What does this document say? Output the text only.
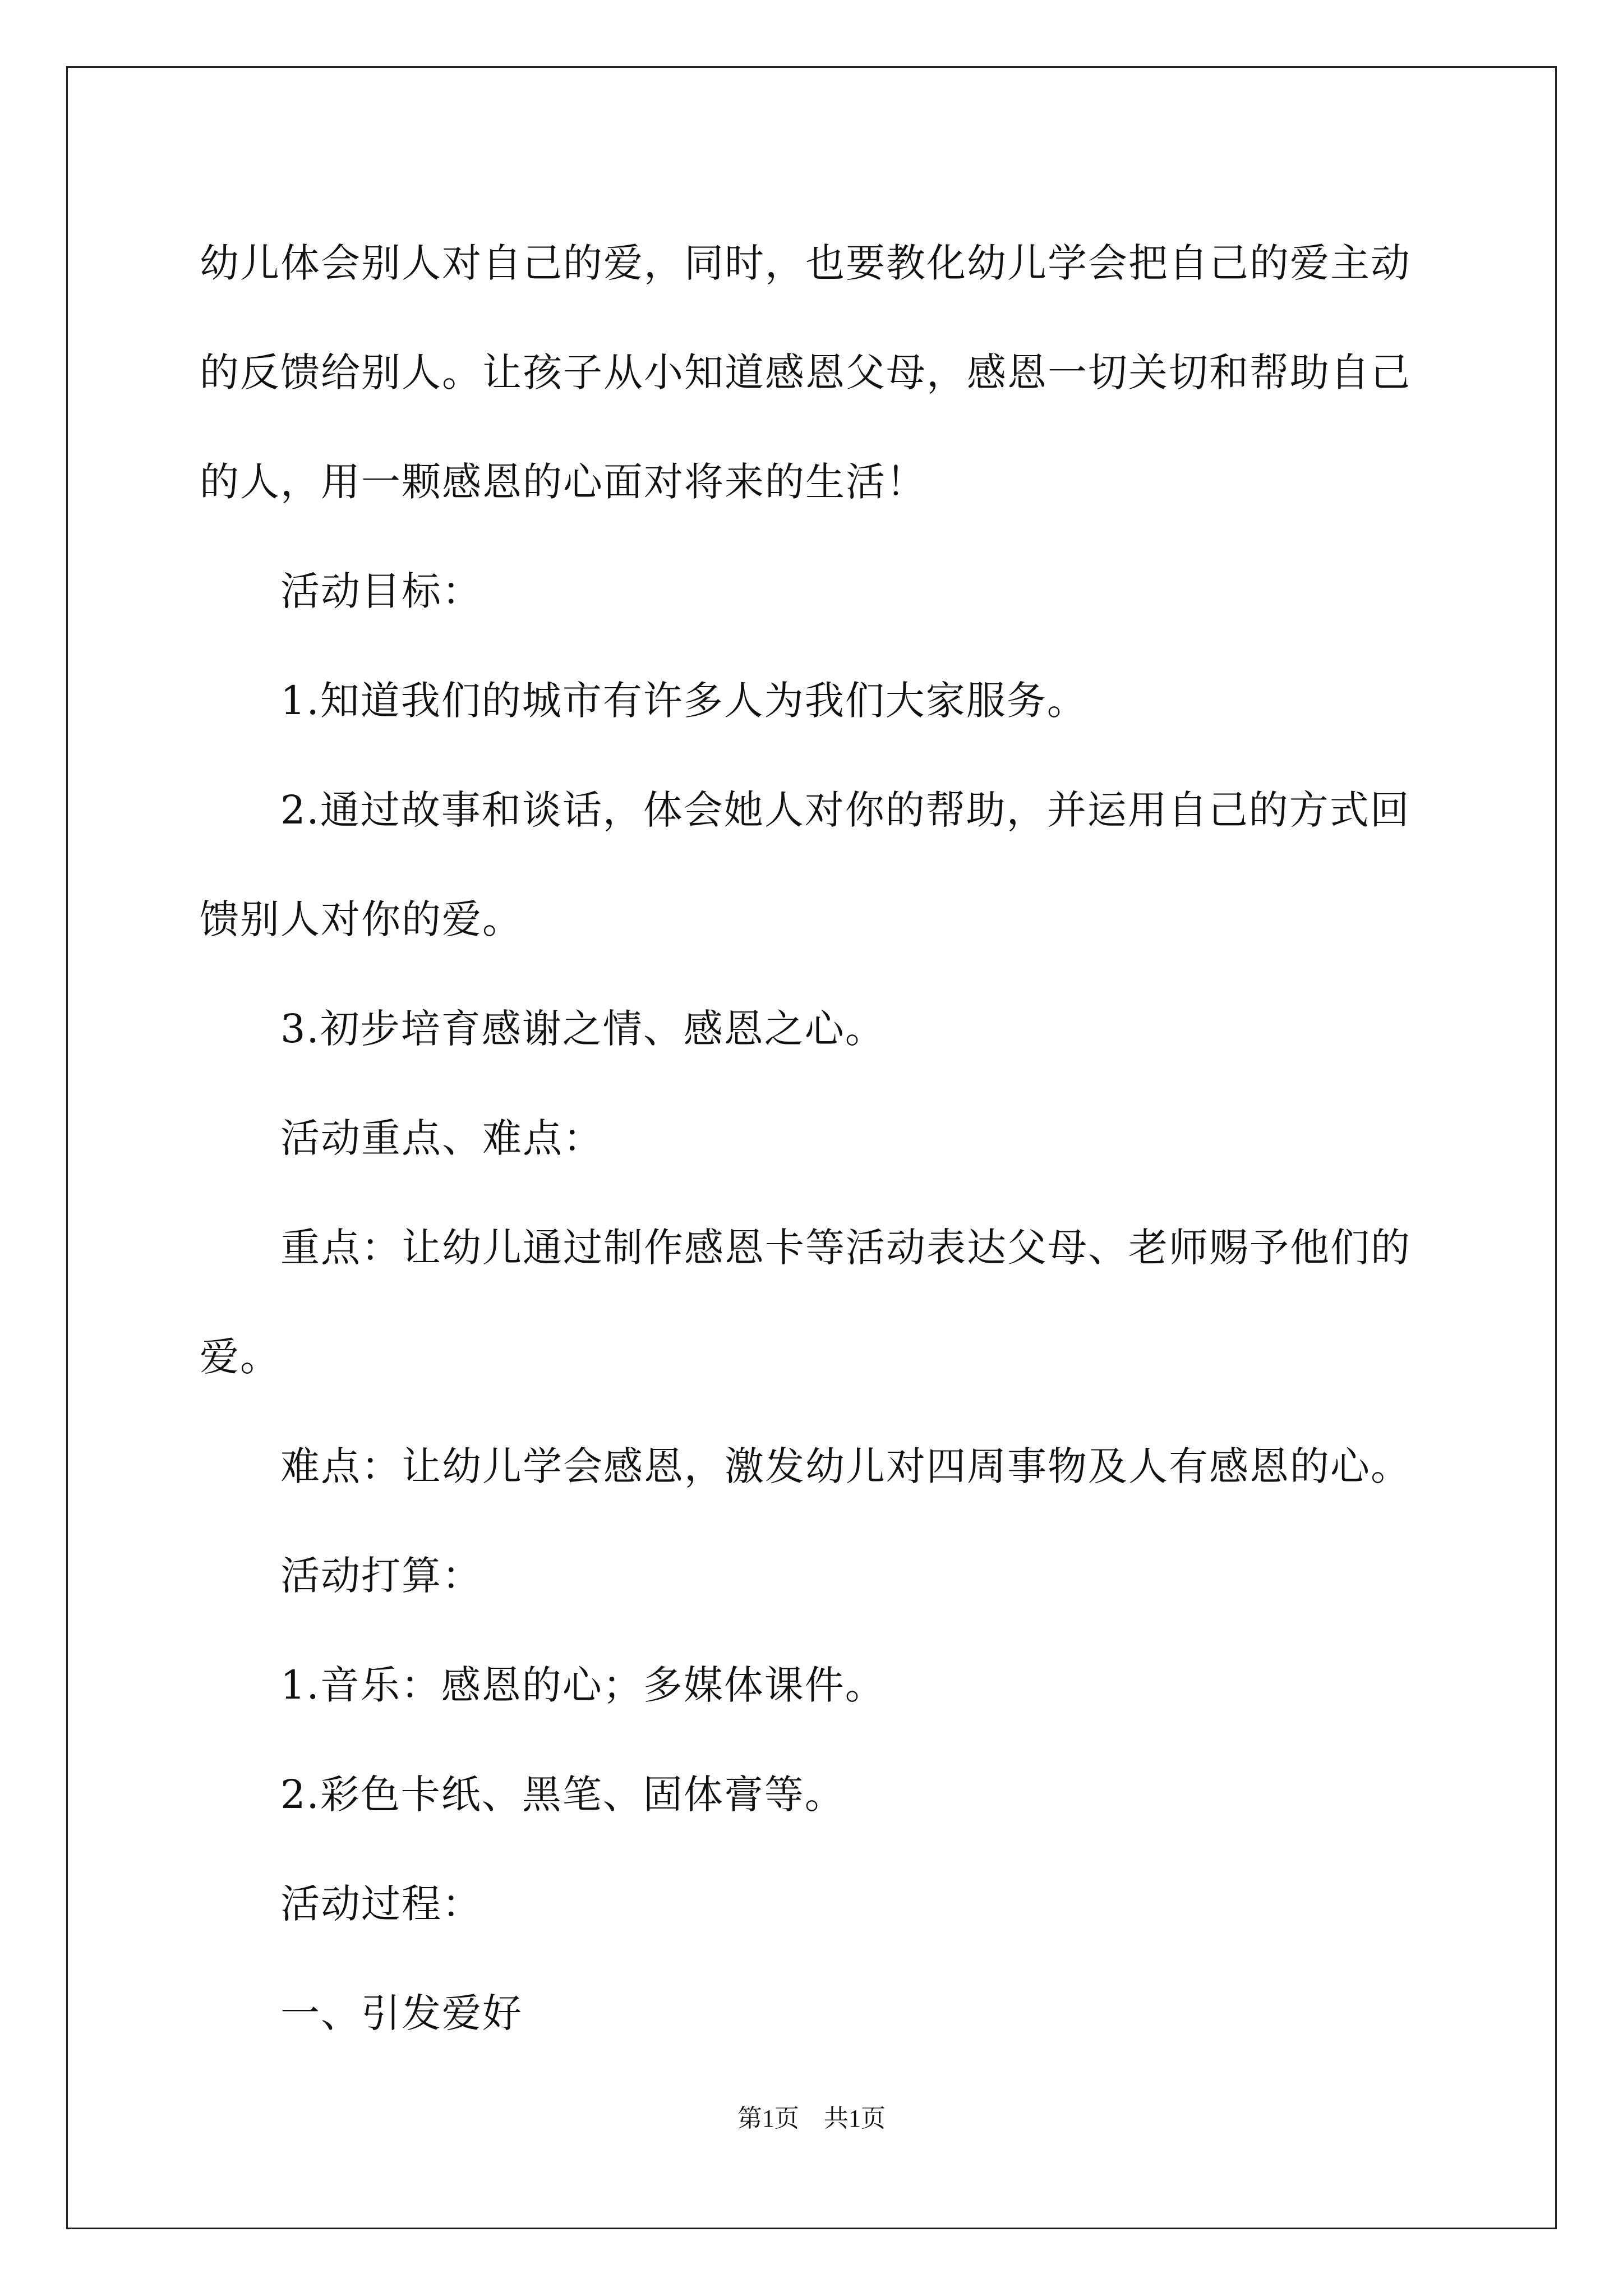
幼儿体会别人对自己的爱，同时，也要教化幼儿学会把自己的爱主动

的反馈给别人。让孩子从小知道感恩父母，感恩一切关切和帮助自己

的人，用一颗感恩的心面对将来的生活！

活动目标：

1.知道我们的城市有许多人为我们大家服务。

2.通过故事和谈话，体会她人对你的帮助，并运用自己的方式回

馈别人对你的爱。

3.初步培育感谢之情、感恩之心。

活动重点、难点：

重点：让幼儿通过制作感恩卡等活动表达父母、老师赐予他们的

爱。

难点：让幼儿学会感恩，激发幼儿对四周事物及人有感恩的心。

活动打算：

1.音乐：感恩的心；多媒体课件。

2.彩色卡纸、黑笔、固体膏等。

活动过程：

一、引发爱好

第1页　共1页
